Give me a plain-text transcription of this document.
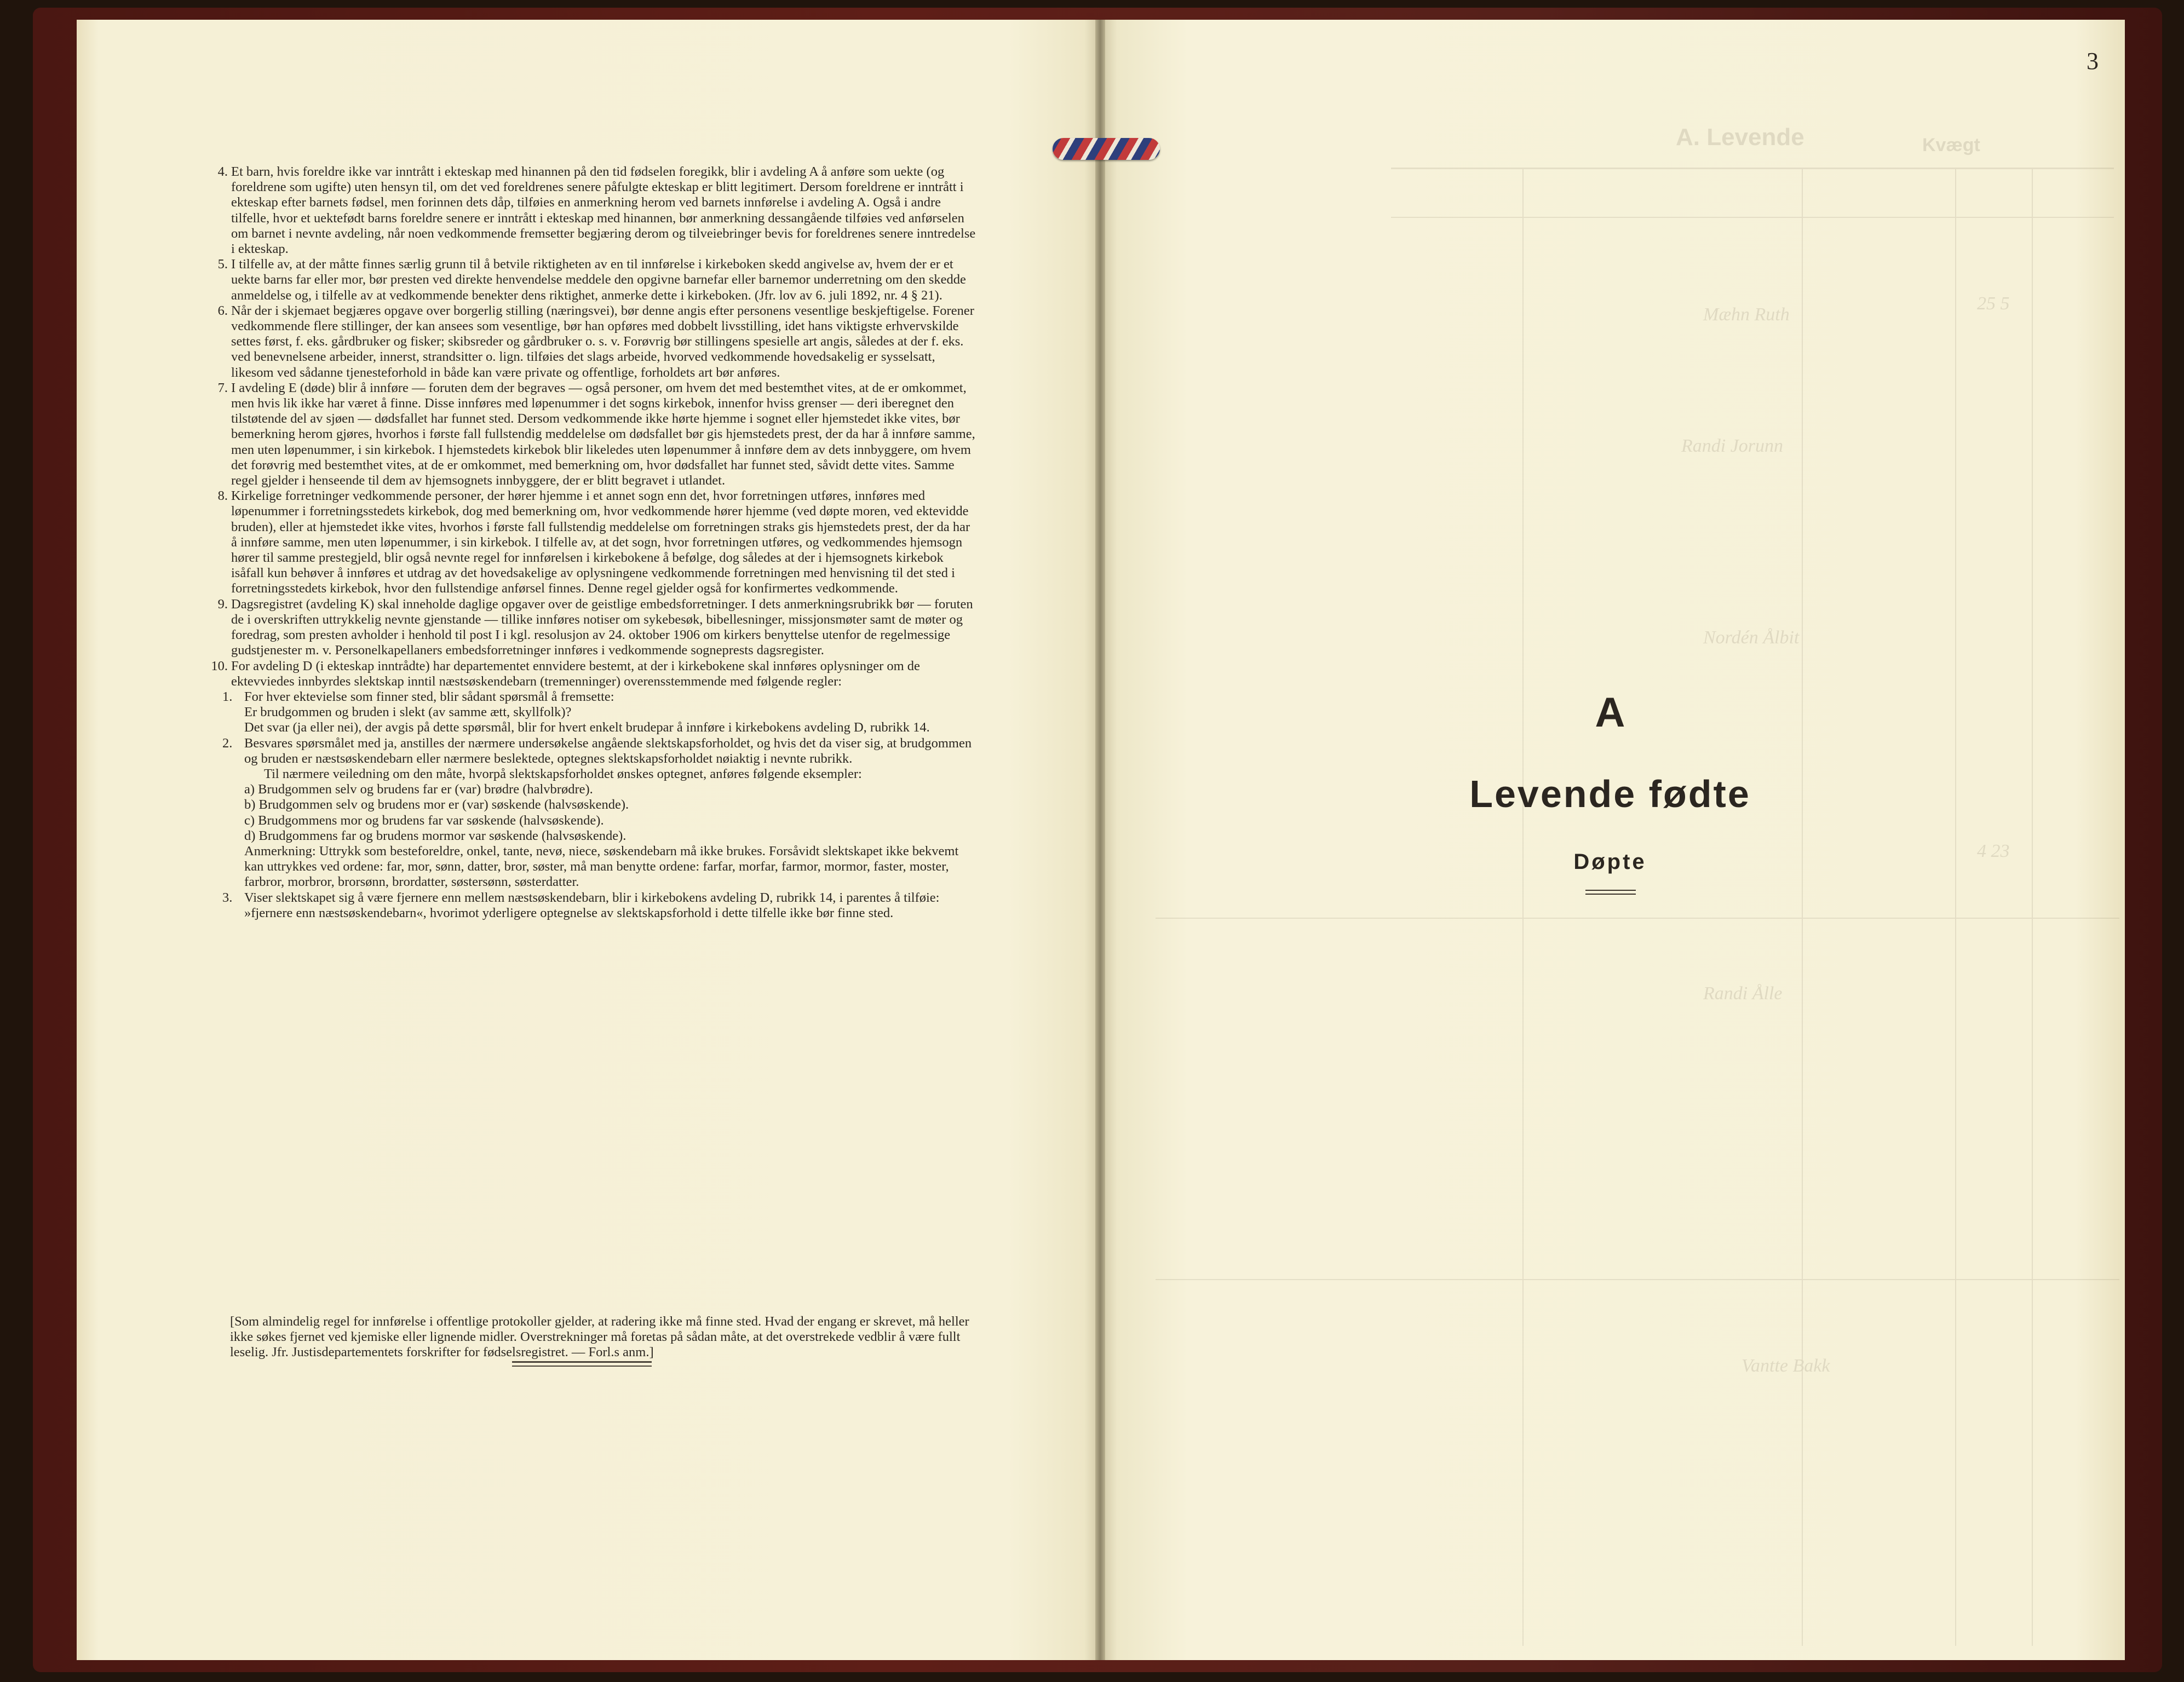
A. Levende	Kvægt
Mæhn Ruth
Randi Jorunn
Nordén Ålbit
Randi Ålle
Vantte Bakk
25 5
4 23
4. Et barn, hvis foreldre ikke var inntrått i ekteskap med hinannen på den tid fødselen foregikk, blir i avdeling A å anføre som uekte (og foreldrene som ugifte) uten hensyn til, om det ved foreldrenes senere påfulgte ekteskap er blitt legitimert. Dersom foreldrene er inntrått i ekteskap efter barnets fødsel, men forinnen dets dåp, tilføies en anmerkning herom ved barnets innførelse i avdeling A. Også i andre tilfelle, hvor et uektefødt barns foreldre senere er inntrått i ekteskap med hinannen, bør anmerkning dessangående tilføies ved anførselen om barnet i nevnte avdeling, når noen vedkommende fremsetter begjæring derom og tilveiebringer bevis for foreldrenes senere inntredelse i ekteskap.
5. I tilfelle av, at der måtte finnes særlig grunn til å betvile riktigheten av en til innførelse i kirkeboken skedd angivelse av, hvem der er et uekte barns far eller mor, bør presten ved direkte henvendelse meddele den opgivne barnefar eller barnemor underretning om den skedde anmeldelse og, i tilfelle av at vedkommende benekter dens riktighet, anmerke dette i kirkeboken. (Jfr. lov av 6. juli 1892, nr. 4 § 21).
6. Når der i skjemaet begjæres opgave over borgerlig stilling (næringsvei), bør denne angis efter personens vesentlige beskjeftigelse. Forener vedkommende flere stillinger, der kan ansees som vesentlige, bør han opføres med dobbelt livsstilling, idet hans viktigste erhvervskilde settes først, f. eks. gårdbruker og fisker; skibsreder og gårdbruker o. s. v. Forøvrig bør stillingens spesielle art angis, således at der f. eks. ved benevnelsene arbeider, innerst, strandsitter o. lign. tilføies det slags arbeide, hvorved vedkommende hovedsakelig er sysselsatt, likesom ved sådanne tjenesteforhold in både kan være private og offentlige, forholdets art bør anføres.
7. I avdeling E (døde) blir å innføre — foruten dem der begraves — også personer, om hvem det med bestemthet vites, at de er omkommet, men hvis lik ikke har været å finne. Disse innføres med løpenummer i det sogns kirkebok, innenfor hviss grenser — deri iberegnet den tilstøtende del av sjøen — dødsfallet har funnet sted. Dersom vedkommende ikke hørte hjemme i sognet eller hjemstedet ikke vites, bør bemerkning herom gjøres, hvorhos i første fall fullstendig meddelelse om dødsfallet bør gis hjemstedets prest, der da har å innføre samme, men uten løpenummer, i sin kirkebok. I hjemstedets kirkebok blir likeledes uten løpenummer å innføre dem av dets innbyggere, om hvem det forøvrig med bestemthet vites, at de er omkommet, med bemerkning om, hvor dødsfallet har funnet sted, såvidt dette vites. Samme regel gjelder i henseende til dem av hjemsognets innbyggere, der er blitt begravet i utlandet.
8. Kirkelige forretninger vedkommende personer, der hører hjemme i et annet sogn enn det, hvor forretningen utføres, innføres med løpenummer i forretningsstedets kirkebok, dog med bemerkning om, hvor vedkommende hører hjemme (ved døpte moren, ved ektevidde bruden), eller at hjemstedet ikke vites, hvorhos i første fall fullstendig meddelelse om forretningen straks gis hjemstedets prest, der da har å innføre samme, men uten løpenummer, i sin kirkebok. I tilfelle av, at det sogn, hvor forretningen utføres, og vedkommendes hjemsogn hører til samme prestegjeld, blir også nevnte regel for innførelsen i kirkebokene å befølge, dog således at der i hjemsognets kirkebok isåfall kun behøver å innføres et utdrag av det hovedsakelige av oplysningene vedkommende forretningen med henvisning til det sted i forretningsstedets kirkebok, hvor den fullstendige anførsel finnes. Denne regel gjelder også for konfirmertes vedkommende.
9. Dagsregistret (avdeling K) skal inneholde daglige opgaver over de geistlige embedsforretninger. I dets anmerkningsrubrikk bør — foruten de i overskriften uttrykkelig nevnte gjenstande — tillike innføres notiser om sykebesøk, bibellesninger, missjonsmøter samt de møter og foredrag, som presten avholder i henhold til post I i kgl. resolusjon av 24. oktober 1906 om kirkers benyttelse utenfor de regelmessige gudstjenester m. v. Personelkapellaners embedsforretninger innføres i vedkommende sogneprests dagsregister.
10. For avdeling D (i ekteskap inntrådte) har departementet ennvidere bestemt, at der i kirkebokene skal innføres oplysninger om de ektevviedes innbyrdes slektskap inntil næstsøskendebarn (tremenninger) overensstemmende med følgende regler:
1. For hver ektevielse som finner sted, blir sådant spørsmål å fremsette:
Er brudgommen og bruden i slekt (av samme ætt, skyllfolk)?
Det svar (ja eller nei), der avgis på dette spørsmål, blir for hvert enkelt brudepar å innføre i kirkebokens avdeling D, rubrikk 14.
2. Besvares spørsmålet med ja, anstilles der nærmere undersøkelse angående slektskapsforholdet, og hvis det da viser sig, at brudgommen og bruden er næstsøskendebarn eller nærmere beslektede, optegnes slektskapsforholdet nøiaktig i nevnte rubrikk.
Til nærmere veiledning om den måte, hvorpå slektskapsforholdet ønskes optegnet, anføres følgende eksempler:
a) Brudgommen selv og brudens far er (var) brødre (halvbrødre).
b) Brudgommen selv og brudens mor er (var) søskende (halvsøskende).
c) Brudgommens mor og brudens far var søskende (halvsøskende).
d) Brudgommens far og brudens mormor var søskende (halvsøskende).
Anmerkning: Uttrykk som besteforeldre, onkel, tante, nevø, niece, søskendebarn må ikke brukes. Forsåvidt slektskapet ikke bekvemt kan uttrykkes ved ordene: far, mor, sønn, datter, bror, søster, må man benytte ordene: farfar, morfar, farmor, mormor, faster, moster, farbror, morbror, brorsønn, brordatter, søstersønn, søsterdatter.
3. Viser slektskapet sig å være fjernere enn mellem næstsøskendebarn, blir i kirkebokens avdeling D, rubrikk 14, i parentes å tilføie: »fjernere enn næstsøskendebarn«, hvorimot yderligere optegnelse av slektskapsforhold i dette tilfelle ikke bør finne sted.
[Som almindelig regel for innførelse i offentlige protokoller gjelder, at radering ikke må finne sted. Hvad der engang er skrevet, må heller ikke søkes fjernet ved kjemiske eller lignende midler. Overstrekninger må foretas på sådan måte, at det overstrekede vedblir å være fullt leselig. Jfr. Justisdepartementets forskrifter for fødselsregistret. — Forl.s anm.]
3
A
Levende fødte
Døpte
